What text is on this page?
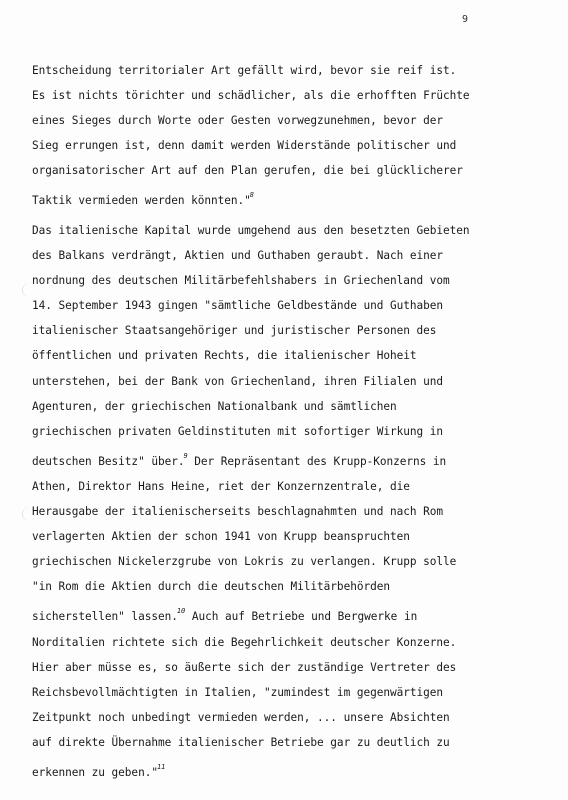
9
Entscheidung territorialer Art gefällt wird, bevor sie reif ist.
Es ist nichts törichter und schädlicher, als die erhofften Früchte
eines Sieges durch Worte oder Gesten vorwegzunehmen, bevor der
Sieg errungen ist, denn damit werden Widerstände politischer und
organisatorischer Art auf den Plan gerufen, die bei glücklicherer
Taktik vermieden werden könnten."$^8$
Das italienische Kapital wurde umgehend aus den besetzten Gebieten
des Balkans verdrängt, Aktien und Guthaben geraubt. Nach einer
nordnung des deutschen Militärbefehlshabers in Griechenland vom
14. September 1943 gingen "sämtliche Geldbestände und Guthaben
italienischer Staatsangehöriger und juristischer Personen des
öffentlichen und privaten Rechts, die italienischer Hoheit
unterstehen, bei der Bank von Griechenland, ihren Filialen und
Agenturen, der griechischen Nationalbank und sämtlichen
griechischen privaten Geldinstituten mit sofortiger Wirkung in
deutschen Besitz" über.$^9$ Der Repräsentant des Krupp-Konzerns in
Athen, Direktor Hans Heine, riet der Konzernzentrale, die
Herausgabe der italienischerseits beschlagnahmten und nach Rom
verlagerten Aktien der schon 1941 von Krupp beanspruchten
griechischen Nickelerzgrube von Lokris zu verlangen. Krupp solle
"in Rom die Aktien durch die deutschen Militärbehörden
sicherstellen" lassen.$^{10}$ Auch auf Betriebe und Bergwerke in
Norditalien richtete sich die Begehrlichkeit deutscher Konzerne.
Hier aber müsse es, so äußerte sich der zuständige Vertreter des
Reichsbevollmächtigten in Italien, "zumindest im gegenwärtigen
Zeitpunkt noch unbedingt vermieden werden, ... unsere Absichten
auf direkte Übernahme italienischer Betriebe gar zu deutlich zu
erkennen zu geben."$^{11}$
